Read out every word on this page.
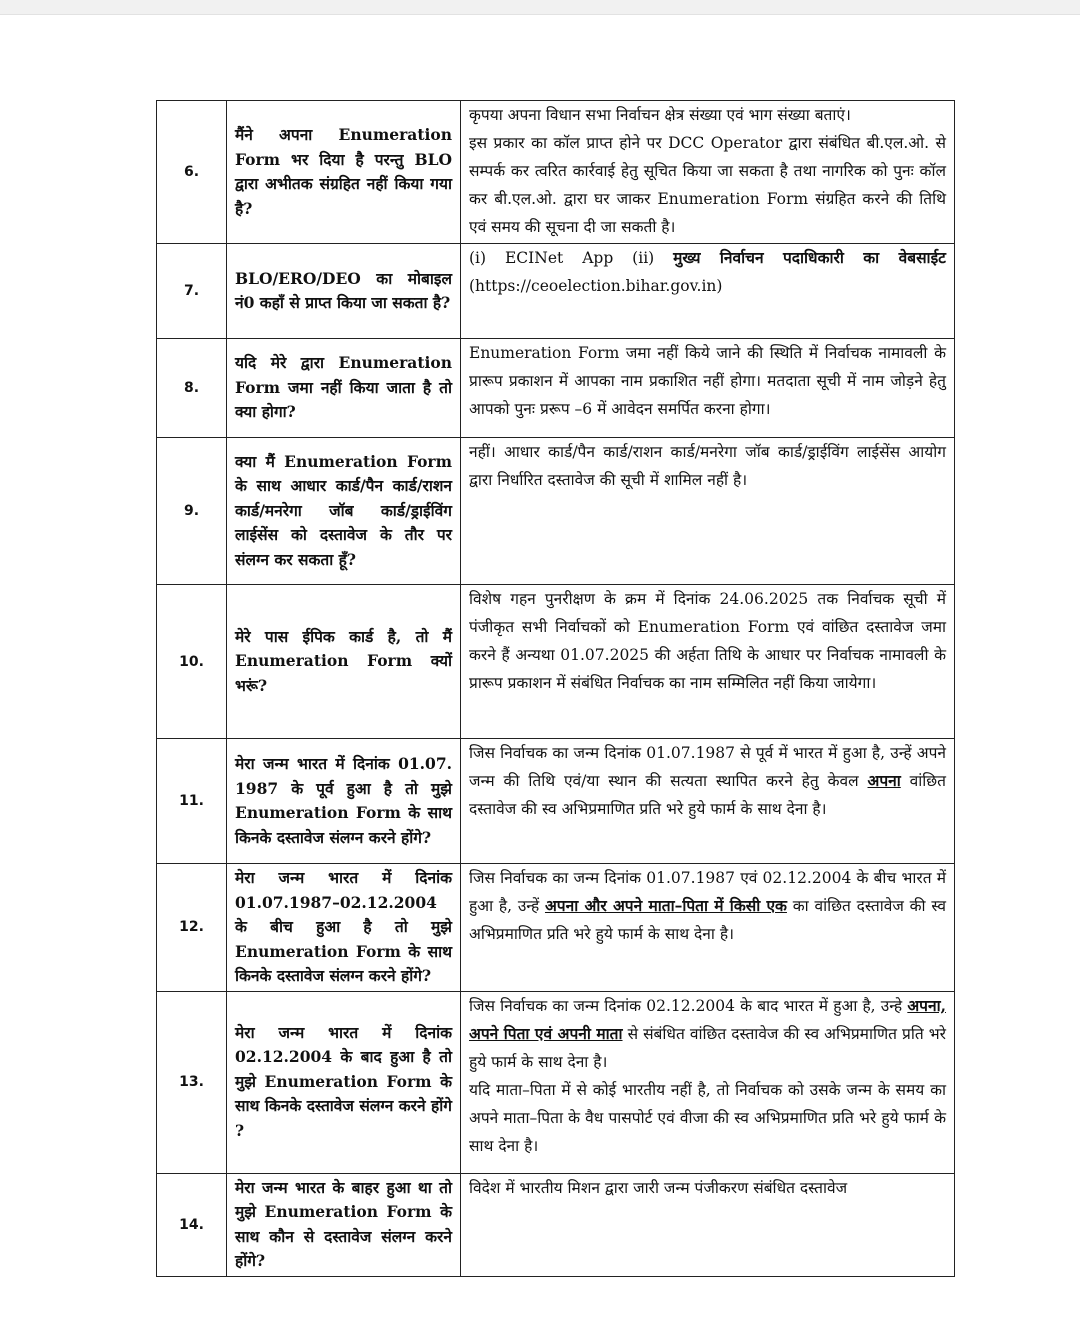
6.	मैंने अपना Enumeration Form भर दिया है परन्तु BLO द्वारा अभीतक संग्रहित नहीं किया गया है?	कृपया अपना विधान सभा निर्वाचन क्षेत्र संख्या एवं भाग संख्या बताएं।
इस प्रकार का कॉल प्राप्त होने पर DCC Operator द्वारा संबंधित बी.एल.ओ. से सम्पर्क कर त्वरित कार्रवाई हेतु सूचित किया जा सकता है तथा नागरिक को पुनः कॉल कर बी.एल.ओ. द्वारा घर जाकर Enumeration Form संग्रहित करने की तिथि एवं समय की सूचना दी जा सकती है।

7.	BLO/ERO/DEO का मोबाइल नं0 कहाँ से प्राप्त किया जा सकता है?	(i) ECINet App (ii) मुख्य निर्वाचन पदाधिकारी का वेबसाईट (https://ceoelection.bihar.gov.in)
8.	यदि मेरे द्वारा Enumeration Form जमा नहीं किया जाता है तो क्या होगा?	Enumeration Form जमा नहीं किये जाने की स्थिति में निर्वाचक नामावली के प्रारूप प्रकाशन में आपका नाम प्रकाशित नहीं होगा। मतदाता सूची में नाम जोड़ने हेतु आपको पुनः प्ररूप –6 में आवेदन समर्पित करना होगा।
9.	क्या मैं Enumeration Form के साथ आधार कार्ड/पैन कार्ड/राशन कार्ड/मनरेगा जॉब कार्ड/ड्राईविंग लाईसेंस को दस्तावेज के तौर पर संलग्न कर सकता हूँ?	नहीं। आधार कार्ड/पैन कार्ड/राशन कार्ड/मनरेगा जॉब कार्ड/ड्राईविंग लाईसेंस आयोग द्वारा निर्धारित दस्तावेज की सूची में शामिल नहीं है।
10.	मेरे पास ईपिक कार्ड है, तो मैं Enumeration Form क्यों भरूं?	विशेष गहन पुनरीक्षण के क्रम में दिनांक 24.06.2025 तक निर्वाचक सूची में पंजीकृत सभी निर्वाचकों को Enumeration Form एवं वांछित दस्तावेज जमा करने हैं अन्यथा 01.07.2025 की अर्हता तिथि के आधार पर निर्वाचक नामावली के प्रारूप प्रकाशन में संबंधित निर्वाचक का नाम सम्मिलित नहीं किया जायेगा।
11.	मेरा जन्म भारत में दिनांक 01.07. 1987 के पूर्व हुआ है तो मुझे Enumeration Form के साथ किनके दस्तावेज संलग्न करने होंगे?	जिस निर्वाचक का जन्म दिनांक 01.07.1987 से पूर्व में भारत में हुआ है, उन्हें अपने जन्म की तिथि एवं/या स्थान की सत्यता स्थापित करने हेतु केवल अपना वांछित दस्तावेज की स्व अभिप्रमाणित प्रति भरे हुये फार्म के साथ देना है।
12.	मेरा जन्म भारत में दिनांक 01.07.1987–02.12.2004 के बीच हुआ है तो मुझे Enumeration Form के साथ किनके दस्तावेज संलग्न करने होंगे?	जिस निर्वाचक का जन्म दिनांक 01.07.1987 एवं 02.12.2004 के बीच भारत में हुआ है, उन्हें अपना और अपने माता–पिता में किसी एक का वांछित दस्तावेज की स्व अभिप्रमाणित प्रति भरे हुये फार्म के साथ देना है।
13.	मेरा जन्म भारत में दिनांक 02.12.2004 के बाद हुआ है तो मुझे Enumeration Form के साथ किनके दस्तावेज संलग्न करने होंगे ?	जिस निर्वाचक का जन्म दिनांक 02.12.2004 के बाद भारत में हुआ है, उन्हे अपना, अपने पिता एवं अपनी माता से संबंधित वांछित दस्तावेज की स्व अभिप्रमाणित प्रति भरे हुये फार्म के साथ देना है।
यदि माता–पिता में से कोई भारतीय नहीं है, तो निर्वाचक को उसके जन्म के समय का अपने माता–पिता के वैध पासपोर्ट एवं वीजा की स्व अभिप्रमाणित प्रति भरे हुये फार्म के साथ देना है।

14.	मेरा जन्म भारत के बाहर हुआ था तो मुझे Enumeration Form के साथ कौन से दस्तावेज संलग्न करने होंगे?	विदेश में भारतीय मिशन द्वारा जारी जन्म पंजीकरण संबंधित दस्तावेज
